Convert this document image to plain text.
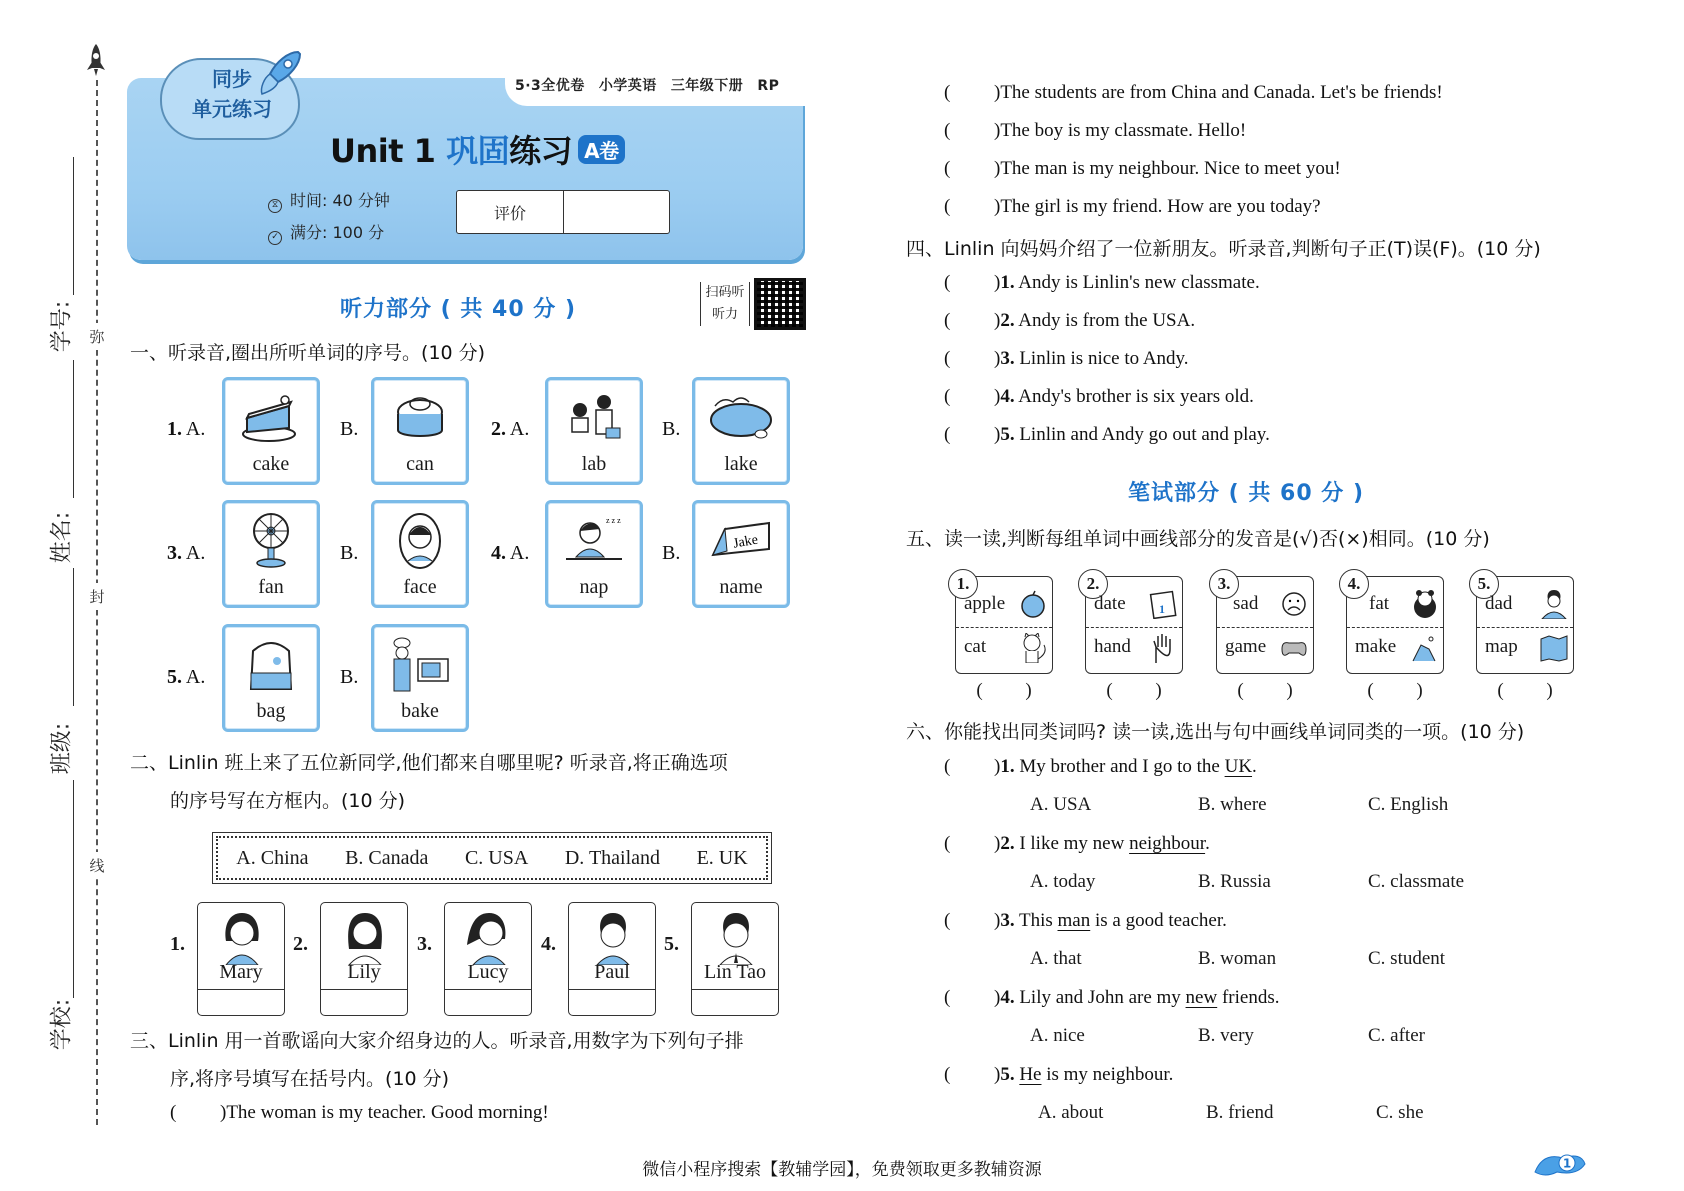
弥
封
线
学号:
姓名:
班级:
学校:
5·3全优卷 小学英语 三年级下册 RP
同步
单元练习
Unit 1 巩固练习 A卷
⧖ 时间: 40 分钟
✓ 满分: 100 分
评价
听力部分 ( 共 40 分 )
扫码听听力
一、听录音,圈出所听单词的序号。(10 分)
1. A.
cake
B.
can
2. A.
lab
B.
lake
3. A.
fan
B.
face
4. A.
z z z
nap
B.	Jake
name
5. A.
bag
B.
bake
二、Linlin 班上来了五位新同学,他们都来自哪里呢? 听录音,将正确选项
的序号写在方框内。(10 分)
A. China B. Canada C. USA D. Thailand E. UK
1.
Mary
2.
Lily
3.
Lucy
4.
Paul
5.
Lin Tao
三、Linlin 用一首歌谣向大家介绍身边的人。听录音,用数字为下列句子排
序,将序号填写在括号内。(10 分)
( )The woman is my teacher. Good morning!
( )The students are from China and Canada. Let's be friends!
( )The boy is my classmate. Hello!
( )The man is my neighbour. Nice to meet you!
( )The girl is my friend. How are you today?
四、Linlin 向妈妈介绍了一位新朋友。听录音,判断句子正(T)误(F)。(10 分)
( )1. Andy is Linlin's new classmate.
( )2. Andy is from the USA.
( )3. Linlin is nice to Andy.
( )4. Andy's brother is six years old.
( )5. Linlin and Andy go out and play.
笔试部分 ( 共 60 分 )
五、读一读,判断每组单词中画线部分的发音是(√)否(×)相同。(10 分)
1.
apple
cat
( )
2.
date	1
hand
( )
3.
sad
game
( )
4.
fat
make
( )
5.
dad
map
( )
六、你能找出同类词吗? 读一读,选出与句中画线单词同类的一项。(10 分)
( )1. My brother and I go to the UK.
A. USA	B. where	C. English
( )2. I like my new neighbour.
A. today	B. Russia	C. classmate
( )3. This man is a good teacher.
A. that	B. woman	C. student
( )4. Lily and John are my new friends.
A. nice	B. very	C. after
( )5. He is my neighbour.
A. about	B. friend	C. she
微信小程序搜索【教辅学园】，免费领取更多教辅资源	1
